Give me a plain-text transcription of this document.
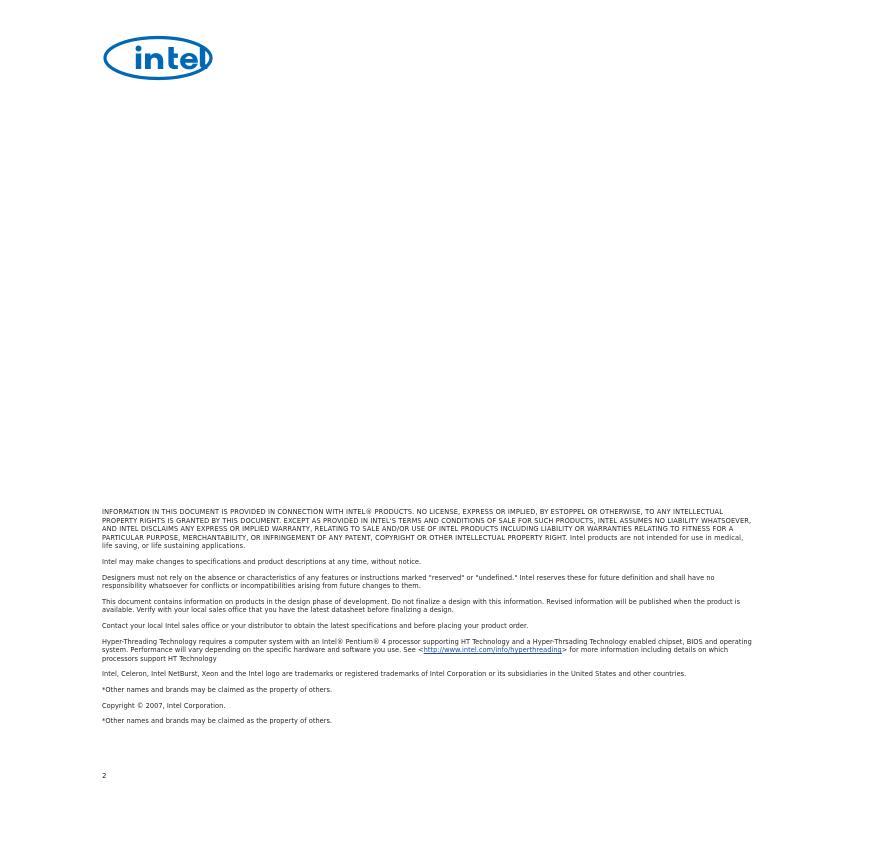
INFORMATION IN THIS DOCUMENT IS PROVIDED IN CONNECTION WITH INTEL® PRODUCTS. NO LICENSE, EXPRESS OR IMPLIED, BY ESTOPPEL OR OTHERWISE, TO ANY INTELLECTUAL PROPERTY RIGHTS IS GRANTED BY THIS DOCUMENT. EXCEPT AS PROVIDED IN INTEL'S TERMS AND CONDITIONS OF SALE FOR SUCH PRODUCTS, INTEL ASSUMES NO LIABILITY WHATSOEVER, AND INTEL DISCLAIMS ANY EXPRESS OR IMPLIED WARRANTY, RELATING TO SALE AND/OR USE OF INTEL PRODUCTS INCLUDING LIABILITY OR WARRANTIES RELATING TO FITNESS FOR A PARTICULAR PURPOSE, MERCHANTABILITY, OR INFRINGEMENT OF ANY PATENT, COPYRIGHT OR OTHER INTELLECTUAL PROPERTY RIGHT. Intel products are not intended for use in medical, life saving, or life sustaining applications.

Intel may make changes to specifications and product descriptions at any time, without notice.

Designers must not rely on the absence or characteristics of any features or instructions marked "reserved" or "undefined." Intel reserves these for future definition and shall have no responsibility whatsoever for conflicts or incompatibilities arising from future changes to them.

This document contains information on products in the design phase of development. Do not finalize a design with this information. Revised information will be published when the product is available. Verify with your local sales office that you have the latest datasheet before finalizing a design.

Contact your local Intel sales office or your distributor to obtain the latest specifications and before placing your product order.

Hyper-Threading Technology requires a computer system with an Intel® Pentium® 4 processor supporting HT Technology and a Hyper-Thrsading Technology enabled chipset, BIOS and operating system. Performance will vary depending on the specific hardware and software you use. See <http://www.intel.com/info/hyperthreading> for more information including details on which processors support HT Technology

Intel, Celeron, Intel NetBurst, Xeon and the Intel logo are trademarks or registered trademarks of Intel Corporation or its subsidiaries in the United States and other countries.

*Other names and brands may be claimed as the property of others.

Copyright © 2007, Intel Corporation.

*Other names and brands may be claimed as the property of others.

2
